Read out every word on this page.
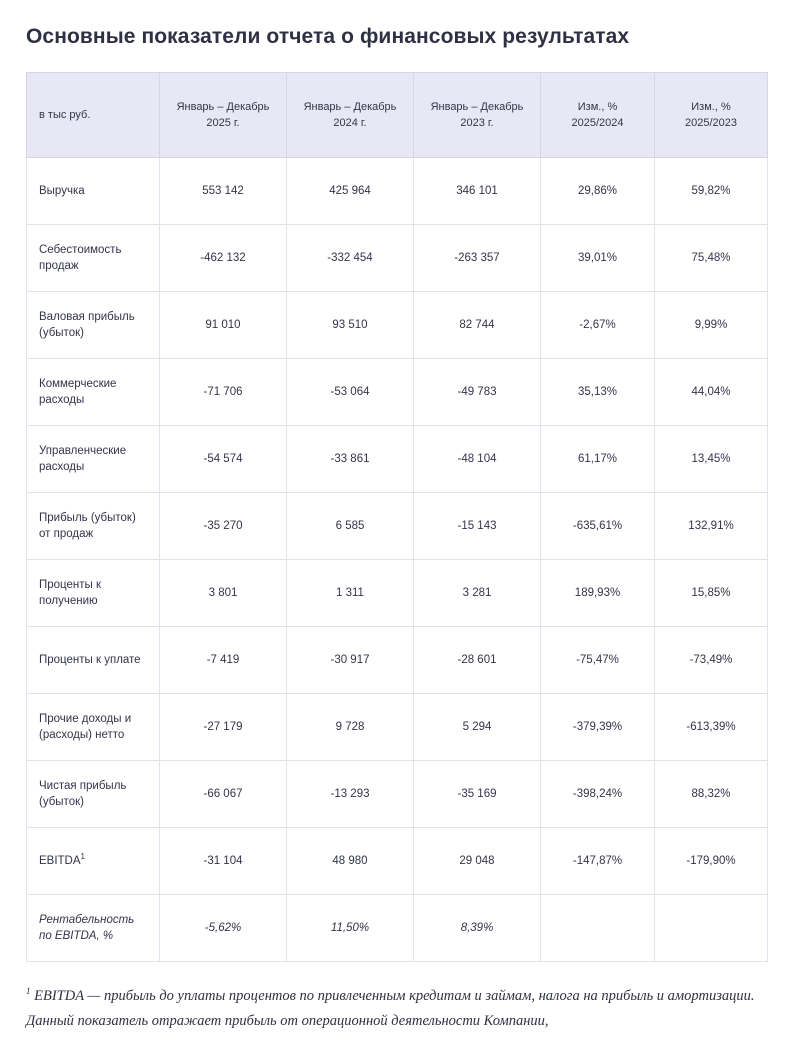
Основные показатели отчета о финансовых результатах
в тыс руб.	Январь – Декабрь 2025 г.	Январь – Декабрь 2024 г.	Январь – Декабрь 2023 г.	Изм., % 2025/2024	Изм., % 2025/2023
Выручка	553 142	425 964	346 101	29,86%	59,82%
Себестоимость продаж	-462 132	-332 454	-263 357	39,01%	75,48%
Валовая прибыль (убыток)	91 010	93 510	82 744	-2,67%	9,99%
Коммерческие расходы	-71 706	-53 064	-49 783	35,13%	44,04%
Управленческие расходы	-54 574	-33 861	-48 104	61,17%	13,45%
Прибыль (убыток) от продаж	-35 270	6 585	-15 143	-635,61%	132,91%
Проценты к получению	3 801	1 311	3 281	189,93%	15,85%
Проценты к уплате	-7 419	-30 917	-28 601	-75,47%	-73,49%
Прочие доходы и (расходы) нетто	-27 179	9 728	5 294	-379,39%	-613,39%
Чистая прибыль (убыток)	-66 067	-13 293	-35 169	-398,24%	88,32%
EBITDA$^1$	-31 104	48 980	29 048	-147,87%	-179,90%
Рентабельность по EBITDA, %	-5,62%	11,50%	8,39%		
$^1$ EBITDA — прибыль до уплаты процентов по привлеченным кредитам и займам, налога на прибыль и амортизации. Данный показатель отражает прибыль от операционной деятельности Компании,
